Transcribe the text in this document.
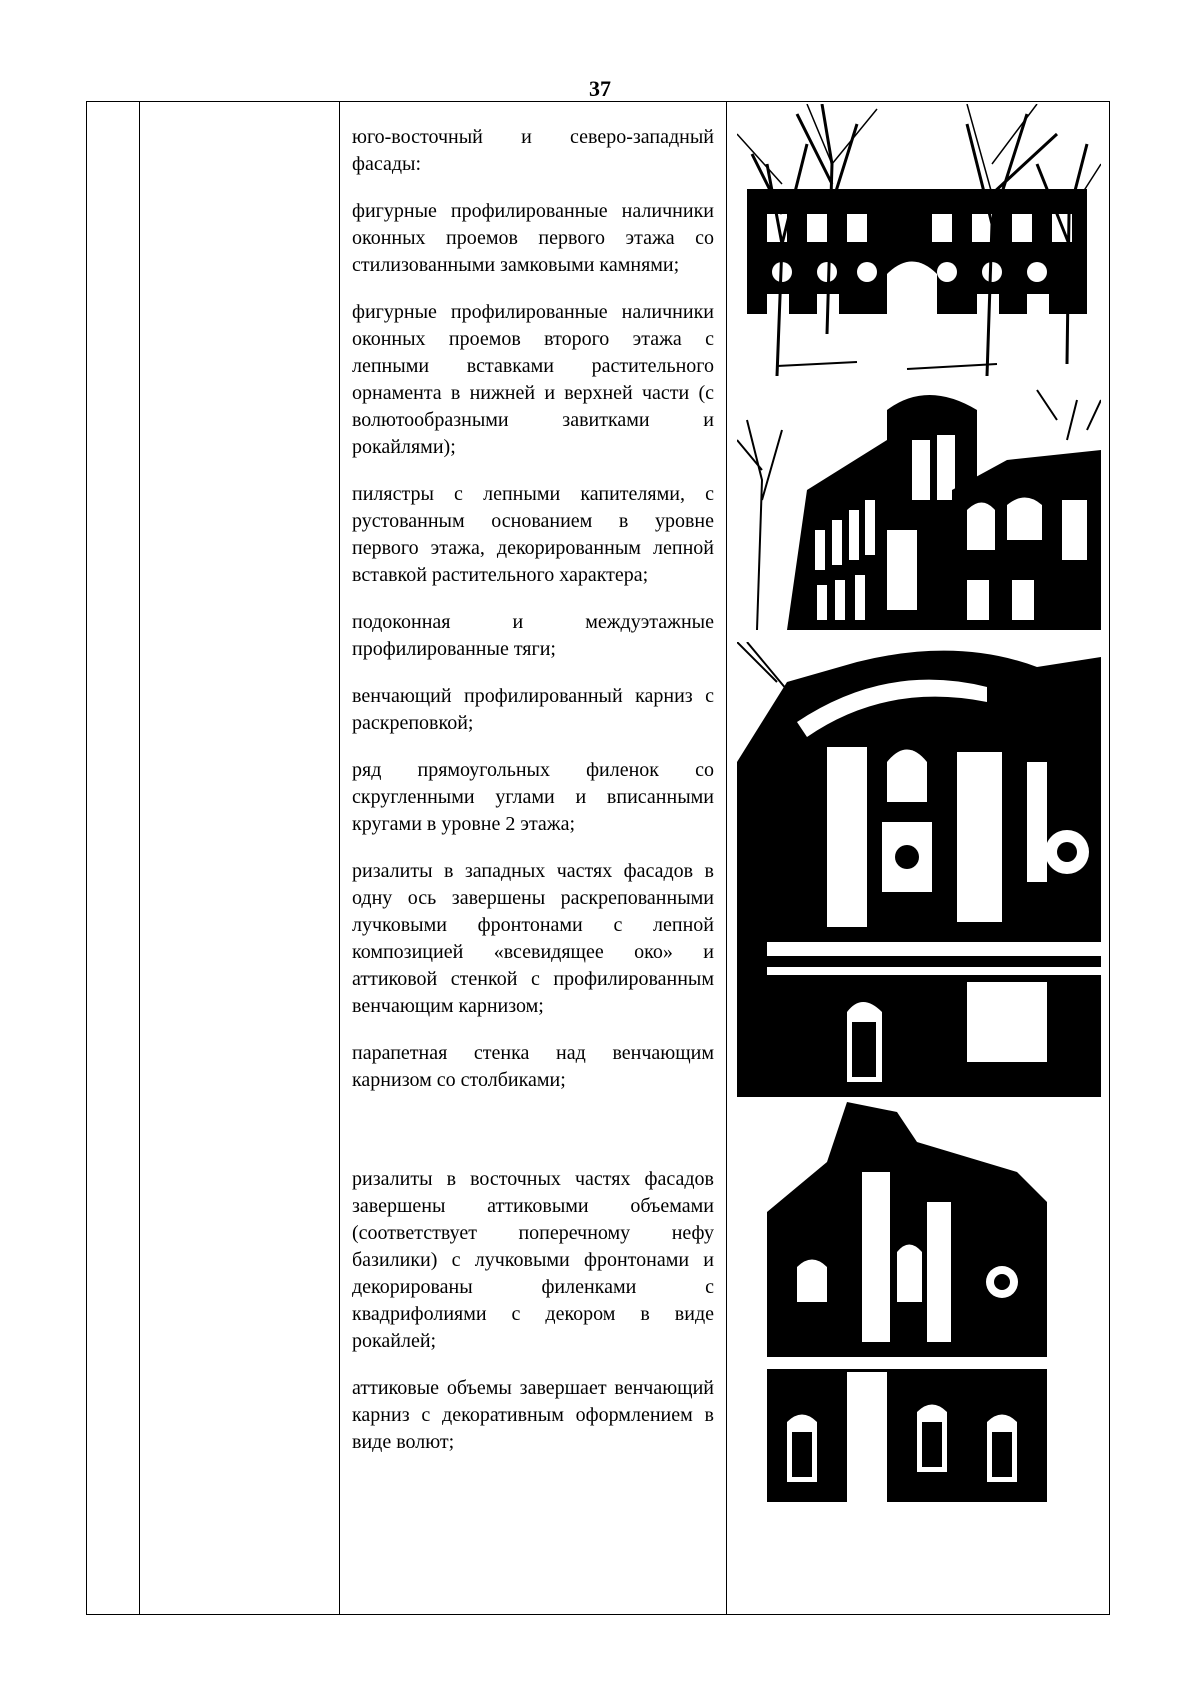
37

юго-восточный и северо-западный фасады:

фигурные профилированные наличники оконных проемов первого этажа со стилизованными замковыми камнями;

фигурные профилированные наличники оконных проемов второго этажа с лепными вставками растительного орнамента в нижней и верхней части (с волютообразными завитками и рокайлями);

пилястры с лепными капителями, с рустованным основанием в уровне первого этажа, декорированным лепной вставкой растительного характера;

подоконная и междуэтажные профилированные тяги;

венчающий профилированный карниз с раскреповкой;

ряд прямоугольных филенок со скругленными углами и вписанными кругами в уровне 2 этажа;

ризалиты в западных частях фасадов в одну ось завершены раскрепованными лучковыми фронтонами с лепной композицией «всевидящее око» и аттиковой стенкой с профилированным венчающим карнизом;

парапетная стенка над венчающим карнизом со столбиками;

ризалиты в восточных частях фасадов завершены аттиковыми объемами (соответствует поперечному нефу базилики) с лучковыми фронтонами и декорированы филенками с квадрифолиями с декором в виде рокайлей;

аттиковые объемы завершает венчающий карниз с декоративным оформлением в виде волют;
